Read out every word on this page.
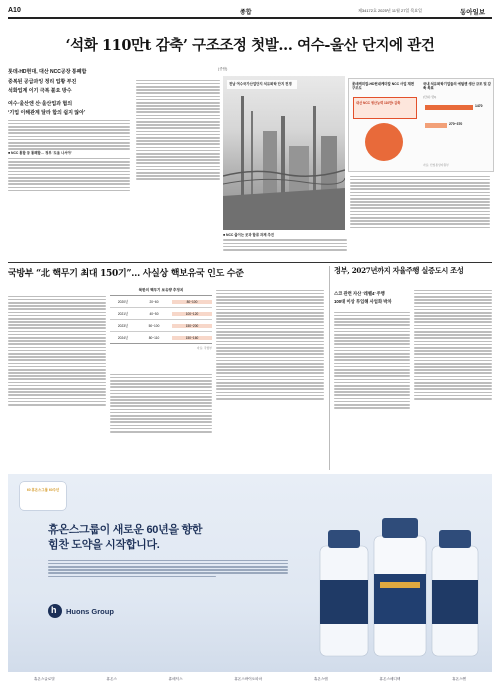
A10	종합	제34172호 2025년 11월 27일 목요일	동아일보
‘석화 110만t 감축’ 구조조정 첫발… 여수-울산 단지에 관건
롯데-HD현대, 대산 NCC공장 통폐합
중복된 공급과잉 정리 업황 부진
석화업계 이기 극복 불요 방수
여수·울산엔 산·울산업과 협의
‘기업 이해관계 달라 합의 쉽지 않아’
(종합)
■ NCC 통합 등 통폐합… 정부 '도움 나서야'
전남 여수국가산업단지 석유화학 단지 전경	롯데케미칼-HD현대케미칼 NCC 사업 재편 구조도
대산 NCC 생산능력 110만t 감축
국내 석유화학기업들의 에틸렌 생산 규모 및 감축 목표
(단위: 만t)
1470
270~370
자료: 산업통상자원부
■ NCC 줄이는 곳과 합류 과제 추진
국방부 “北 핵무기 최대 150기”… 사실상 핵보유국 인도 수준
북한의 핵무기 보유량 추정치
2020년	20~60	80~100
2021년	40~50	100~120
2023년	50~100	150~200
2024년	80~110	150~160
자료: 국방부
정부, 2027년까지 자율주행 실증도시 조성
스코 관련 자산 ‘레벨4’ 주행
100대 이상 투입해 사업화 박차
60 휴온스그룹 60주년
휴온스그룹이 새로운 60년을 향한
힘찬 도약을 시작합니다.
h Huons Group
휴온스글로벌	휴온스	휴메딕스	휴온스바이오파마	휴온스랩	휴온스메디텍	휴온스엔
